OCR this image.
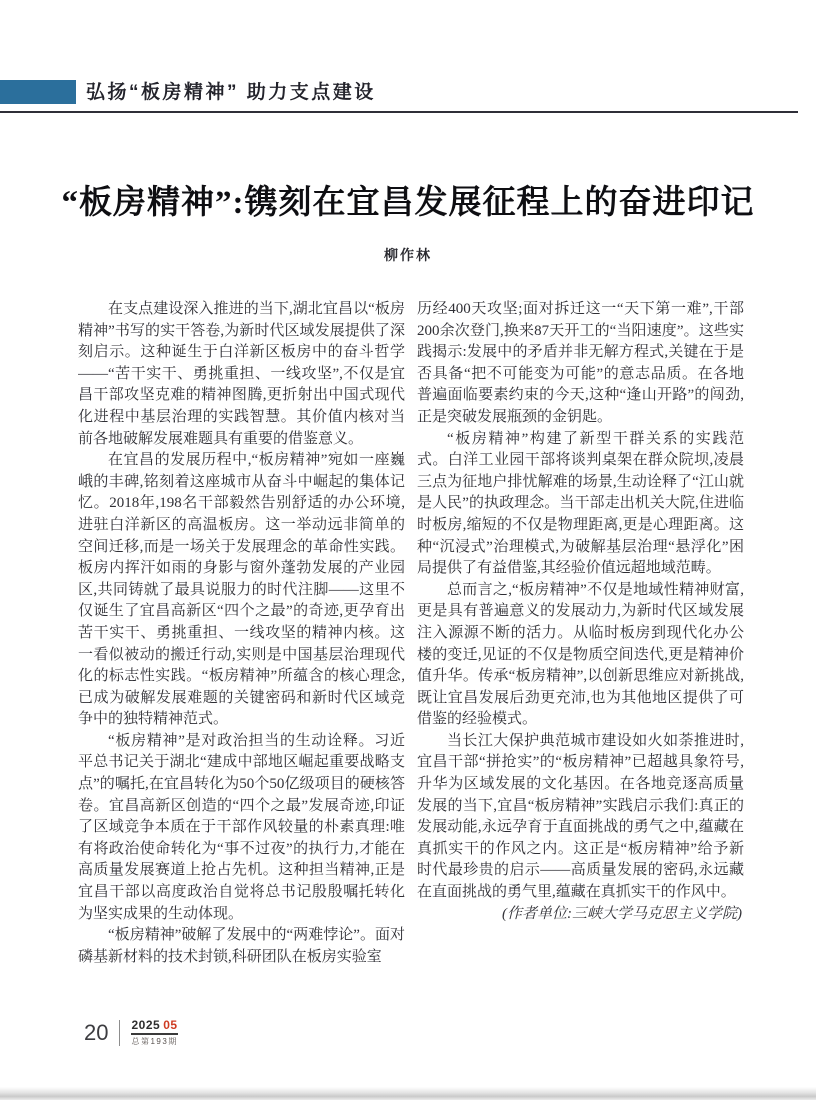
弘扬“板房精神” 助力支点建设
“板房精神”:镌刻在宜昌发展征程上的奋进印记
柳作林

在支点建设深入推进的当下,湖北宜昌以“板房精神”书写的实干答卷,为新时代区域发展提供了深刻启示。这种诞生于白洋新区板房中的奋斗哲学——“苦干实干、勇挑重担、一线攻坚”,不仅是宜昌干部攻坚克难的精神图腾,更折射出中国式现代化进程中基层治理的实践智慧。其价值内核对当前各地破解发展难题具有重要的借鉴意义。

在宜昌的发展历程中,“板房精神”宛如一座巍峨的丰碑,铭刻着这座城市从奋斗中崛起的集体记忆。2018年,198名干部毅然告别舒适的办公环境,进驻白洋新区的高温板房。这一举动远非简单的空间迁移,而是一场关于发展理念的革命性实践。板房内挥汗如雨的身影与窗外蓬勃发展的产业园区,共同铸就了最具说服力的时代注脚——这里不仅诞生了宜昌高新区“四个之最”的奇迹,更孕育出苦干实干、勇挑重担、一线攻坚的精神内核。这一看似被动的搬迁行动,实则是中国基层治理现代化的标志性实践。“板房精神”所蕴含的核心理念,已成为破解发展难题的关键密码和新时代区域竞争中的独特精神范式。

“板房精神”是对政治担当的生动诠释。习近平总书记关于湖北“建成中部地区崛起重要战略支点”的嘱托,在宜昌转化为50个50亿级项目的硬核答卷。宜昌高新区创造的“四个之最”发展奇迹,印证了区域竞争本质在于干部作风较量的朴素真理:唯有将政治使命转化为“事不过夜”的执行力,才能在高质量发展赛道上抢占先机。这种担当精神,正是宜昌干部以高度政治自觉将总书记殷殷嘱托转化为坚实成果的生动体现。

“板房精神”破解了发展中的“两难悖论”。面对磷基新材料的技术封锁,科研团队在板房实验室

历经400天攻坚;面对拆迁这一“天下第一难”,干部200余次登门,换来87天开工的“当阳速度”。这些实践揭示:发展中的矛盾并非无解方程式,关键在于是否具备“把不可能变为可能”的意志品质。在各地普遍面临要素约束的今天,这种“逢山开路”的闯劲,正是突破发展瓶颈的金钥匙。

“板房精神”构建了新型干群关系的实践范式。白洋工业园干部将谈判桌架在群众院坝,凌晨三点为征地户排忧解难的场景,生动诠释了“江山就是人民”的执政理念。当干部走出机关大院,住进临时板房,缩短的不仅是物理距离,更是心理距离。这种“沉浸式”治理模式,为破解基层治理“悬浮化”困局提供了有益借鉴,其经验价值远超地域范畴。

总而言之,“板房精神”不仅是地域性精神财富,更是具有普遍意义的发展动力,为新时代区域发展注入源源不断的活力。从临时板房到现代化办公楼的变迁,见证的不仅是物质空间迭代,更是精神价值升华。传承“板房精神”,以创新思维应对新挑战,既让宜昌发展后劲更充沛,也为其他地区提供了可借鉴的经验模式。

当长江大保护典范城市建设如火如荼推进时,宜昌干部“拼抢实”的“板房精神”已超越具象符号,升华为区域发展的文化基因。在各地竞逐高质量发展的当下,宜昌“板房精神”实践启示我们:真正的发展动能,永远孕育于直面挑战的勇气之中,蕴藏在真抓实干的作风之内。这正是“板房精神”给予新时代最珍贵的启示——高质量发展的密码,永远藏在直面挑战的勇气里,蕴藏在真抓实干的作风中。

(作者单位:三峡大学马克思主义学院)

20 2025 05
总第193期
